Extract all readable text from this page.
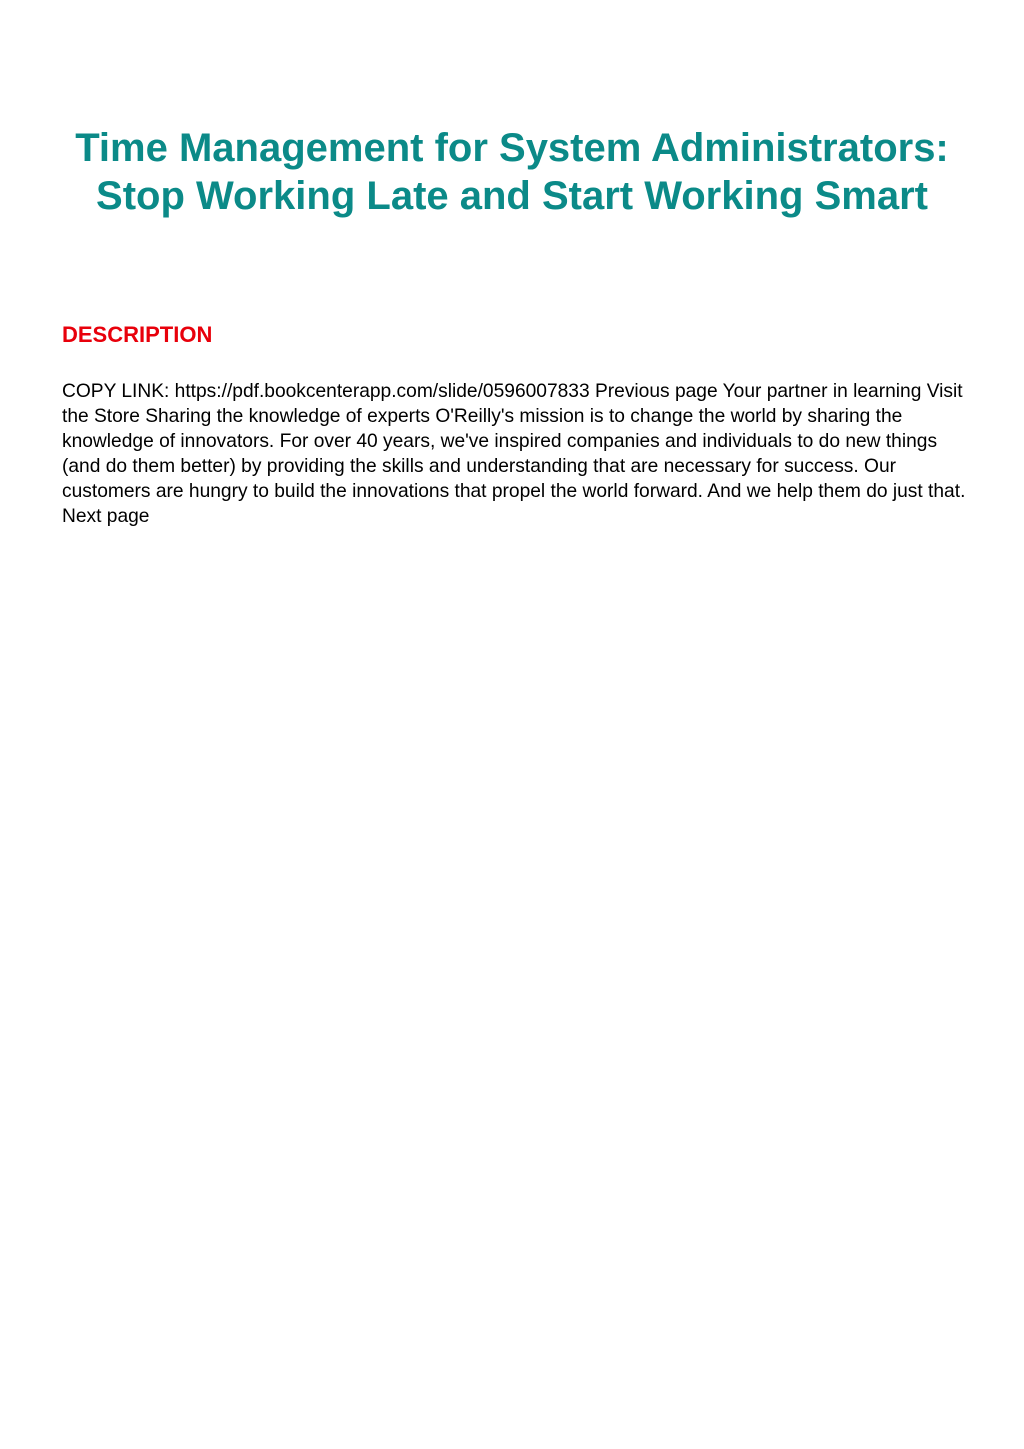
Time Management for System Administrators: Stop Working Late and Start Working Smart
DESCRIPTION

COPY LINK: https://pdf.bookcenterapp.com/slide/0596007833 Previous page Your partner in learning Visit the Store Sharing the knowledge of experts O'Reilly's mission is to change the world by sharing the knowledge of innovators. For over 40 years, we've inspired companies and individuals to do new things (and do them better) by providing the skills and understanding that are necessary for success. Our customers are hungry to build the innovations that propel the world forward. And we help them do just that. Next page
